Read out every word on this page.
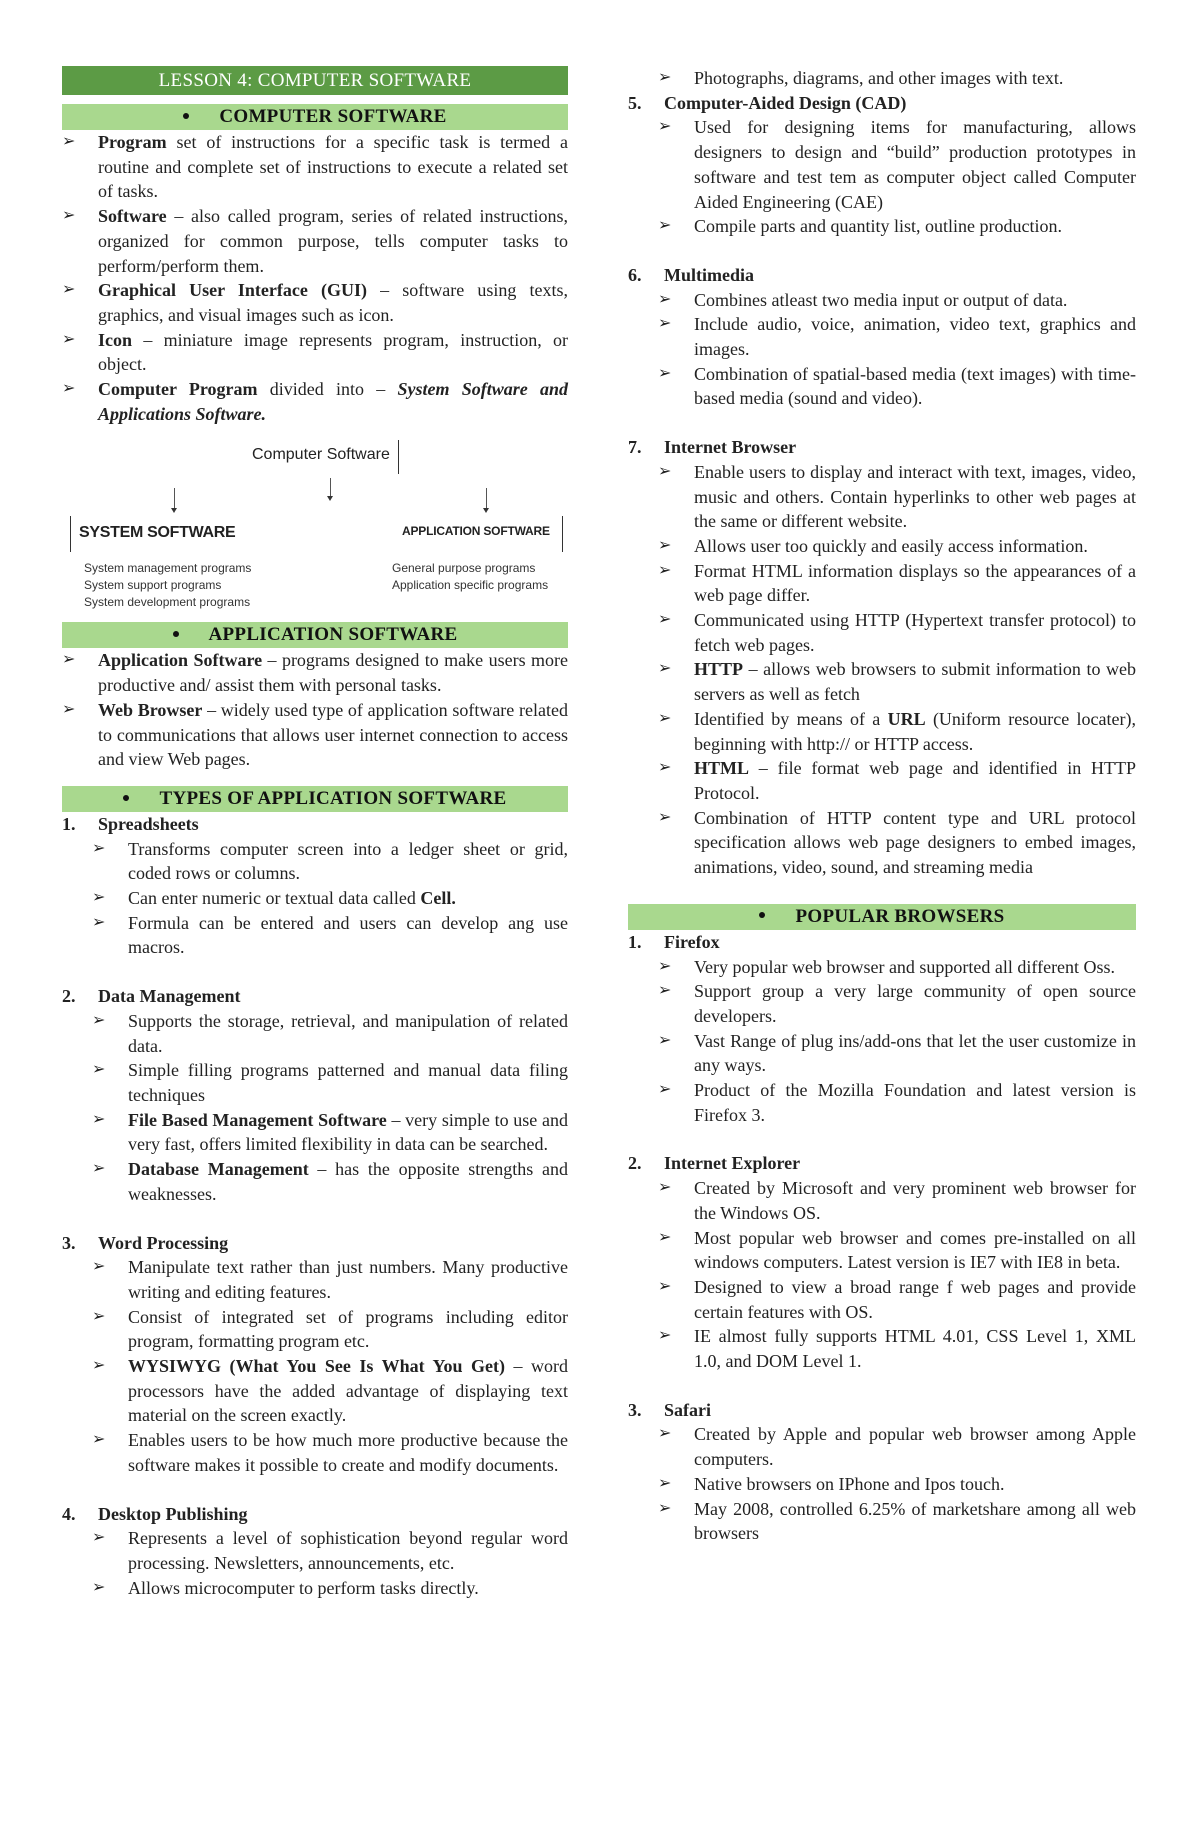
LESSON 4: COMPUTER SOFTWARE
COMPUTER SOFTWARE
➢ Program set of instructions for a specific task is termed a routine and complete set of instructions to execute a related set of tasks.
➢ Software – also called program, series of related instructions, organized for common purpose, tells computer tasks to perform/perform them.
➢ Graphical User Interface (GUI) – software using texts, graphics, and visual images such as icon.
➢ Icon – miniature image represents program, instruction, or object.
➢ Computer Program divided into – System Software and Applications Software.
Computer Software
SYSTEM SOFTWARE	APPLICATION SOFTWARE
System management programs
System support programs
System development programs
General purpose programs
Application specific programs
APPLICATION SOFTWARE
➢ Application Software – programs designed to make users more productive and/ assist them with personal tasks.
➢ Web Browser – widely used type of application software related to communications that allows user internet connection to access and view Web pages.
TYPES OF APPLICATION SOFTWARE
1. Spreadsheets
➢ Transforms computer screen into a ledger sheet or grid, coded rows or columns.
➢ Can enter numeric or textual data called Cell.
➢ Formula can be entered and users can develop ang use macros.
2. Data Management
➢ Supports the storage, retrieval, and manipulation of related data.
➢ Simple filling programs patterned and manual data filing techniques
➢ File Based Management Software – very simple to use and very fast, offers limited flexibility in data can be searched.
➢ Database Management – has the opposite strengths and weaknesses.
3. Word Processing
➢ Manipulate text rather than just numbers. Many productive writing and editing features.
➢ Consist of integrated set of programs including editor program, formatting program etc.
➢ WYSIWYG (What You See Is What You Get) – word processors have the added advantage of displaying text material on the screen exactly.
➢ Enables users to be how much more productive because the software makes it possible to create and modify documents.
4. Desktop Publishing
➢ Represents a level of sophistication beyond regular word processing. Newsletters, announcements, etc.
➢ Allows microcomputer to perform tasks directly.
➢ Photographs, diagrams, and other images with text.
5. Computer-Aided Design (CAD)
➢ Used for designing items for manufacturing, allows designers to design and “build” production prototypes in software and test tem as computer object called Computer Aided Engineering (CAE)
➢ Compile parts and quantity list, outline production.
6. Multimedia
➢ Combines atleast two media input or output of data.
➢ Include audio, voice, animation, video text, graphics and images.
➢ Combination of spatial-based media (text images) with time-based media (sound and video).
7. Internet Browser
➢ Enable users to display and interact with text, images, video, music and others. Contain hyperlinks to other web pages at the same or different website.
➢ Allows user too quickly and easily access information.
➢ Format HTML information displays so the appearances of a web page differ.
➢ Communicated using HTTP (Hypertext transfer protocol) to fetch web pages.
➢ HTTP – allows web browsers to submit information to web servers as well as fetch
➢ Identified by means of a URL (Uniform resource locater), beginning with http:// or HTTP access.
➢ HTML – file format web page and identified in HTTP Protocol.
➢ Combination of HTTP content type and URL protocol specification allows web page designers to embed images, animations, video, sound, and streaming media
POPULAR BROWSERS
1. Firefox
➢ Very popular web browser and supported all different Oss.
➢ Support group a very large community of open source developers.
➢ Vast Range of plug ins/add-ons that let the user customize in any ways.
➢ Product of the Mozilla Foundation and latest version is Firefox 3.
2. Internet Explorer
➢ Created by Microsoft and very prominent web browser for the Windows OS.
➢ Most popular web browser and comes pre-installed on all windows computers. Latest version is IE7 with IE8 in beta.
➢ Designed to view a broad range f web pages and provide certain features with OS.
➢ IE almost fully supports HTML 4.01, CSS Level 1, XML 1.0, and DOM Level 1.
3. Safari
➢ Created by Apple and popular web browser among Apple computers.
➢ Native browsers on IPhone and Ipos touch.
➢ May 2008, controlled 6.25% of marketshare among all web browsers
